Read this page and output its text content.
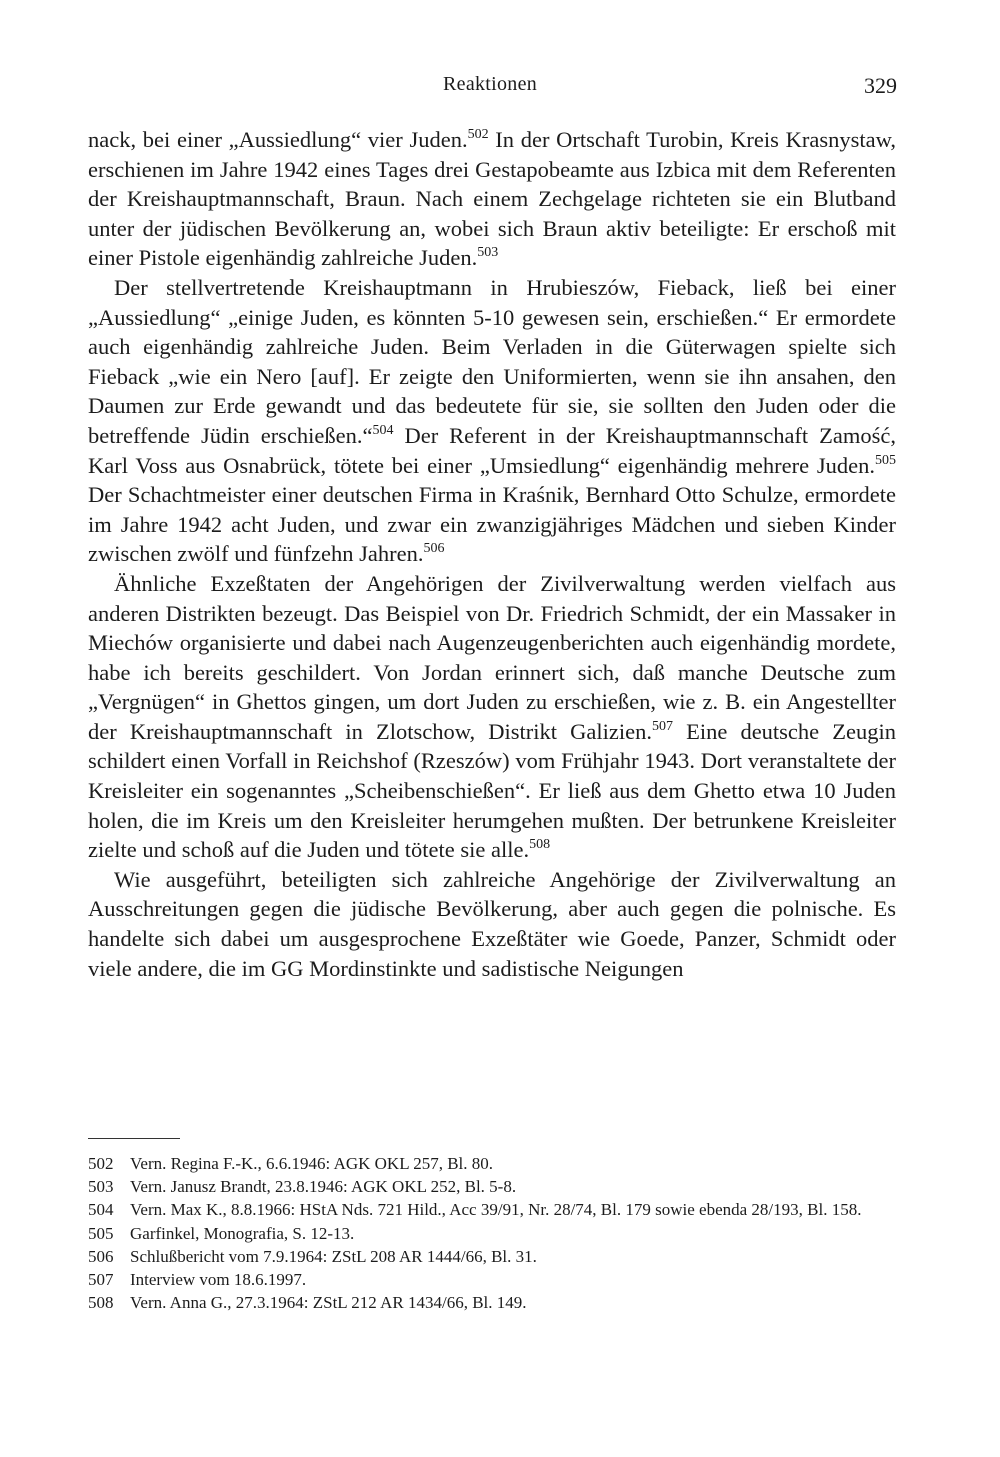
Reaktionen	329

nack, bei einer „Aussiedlung“ vier Juden.$^{502}$ In der Ortschaft Turobin, Kreis Krasnystaw, erschienen im Jahre 1942 eines Tages drei Gestapobeamte aus Izbica mit dem Referenten der Kreishauptmannschaft, Braun. Nach einem Zechgelage richteten sie ein Blutband unter der jüdischen Bevölkerung an, wobei sich Braun aktiv beteiligte: Er erschoß mit einer Pistole eigenhändig zahlreiche Juden.$^{503}$

Der stellvertretende Kreishauptmann in Hrubieszów, Fieback, ließ bei einer „Aussiedlung“ „einige Juden, es könnten 5-10 gewesen sein, erschießen.“ Er ermordete auch eigenhändig zahlreiche Juden. Beim Verladen in die Güterwagen spielte sich Fieback „wie ein Nero [auf]. Er zeigte den Uniformierten, wenn sie ihn ansahen, den Daumen zur Erde gewandt und das bedeutete für sie, sie sollten den Juden oder die betreffende Jüdin erschießen.“$^{504}$ Der Referent in der Kreishauptmannschaft Zamość, Karl Voss aus Osnabrück, tötete bei einer „Umsiedlung“ eigenhändig mehrere Juden.$^{505}$ Der Schachtmeister einer deutschen Firma in Kraśnik, Bernhard Otto Schulze, ermordete im Jahre 1942 acht Juden, und zwar ein zwanzigjähriges Mädchen und sieben Kinder zwischen zwölf und fünfzehn Jahren.$^{506}$

Ähnliche Exzeßtaten der Angehörigen der Zivilverwaltung werden vielfach aus anderen Distrikten bezeugt. Das Beispiel von Dr. Friedrich Schmidt, der ein Massaker in Miechów organisierte und dabei nach Augenzeugenberichten auch eigenhändig mordete, habe ich bereits geschildert. Von Jordan erinnert sich, daß manche Deutsche zum „Vergnügen“ in Ghettos gingen, um dort Juden zu erschießen, wie z. B. ein Angestellter der Kreishauptmannschaft in Zlotschow, Distrikt Galizien.$^{507}$ Eine deutsche Zeugin schildert einen Vorfall in Reichshof (Rzeszów) vom Frühjahr 1943. Dort veranstaltete der Kreisleiter ein sogenanntes „Scheibenschießen“. Er ließ aus dem Ghetto etwa 10 Juden holen, die im Kreis um den Kreisleiter herumgehen mußten. Der betrunkene Kreisleiter zielte und schoß auf die Juden und tötete sie alle.$^{508}$

Wie ausgeführt, beteiligten sich zahlreiche Angehörige der Zivilverwaltung an Ausschreitungen gegen die jüdische Bevölkerung, aber auch gegen die polnische. Es handelte sich dabei um ausgesprochene Exzeßtäter wie Goede, Panzer, Schmidt oder viele andere, die im GG Mordinstinkte und sadistische Neigungen

502 Vern. Regina F.-K., 6.6.1946: AGK OKL 257, Bl. 80.
503 Vern. Janusz Brandt, 23.8.1946: AGK OKL 252, Bl. 5-8.
504 Vern. Max K., 8.8.1966: HStA Nds. 721 Hild., Acc 39/91, Nr. 28/74, Bl. 179 sowie ebenda 28/193, Bl. 158.
505 Garfinkel, Monografia, S. 12-13.
506 Schlußbericht vom 7.9.1964: ZStL 208 AR 1444/66, Bl. 31.
507 Interview vom 18.6.1997.
508 Vern. Anna G., 27.3.1964: ZStL 212 AR 1434/66, Bl. 149.
